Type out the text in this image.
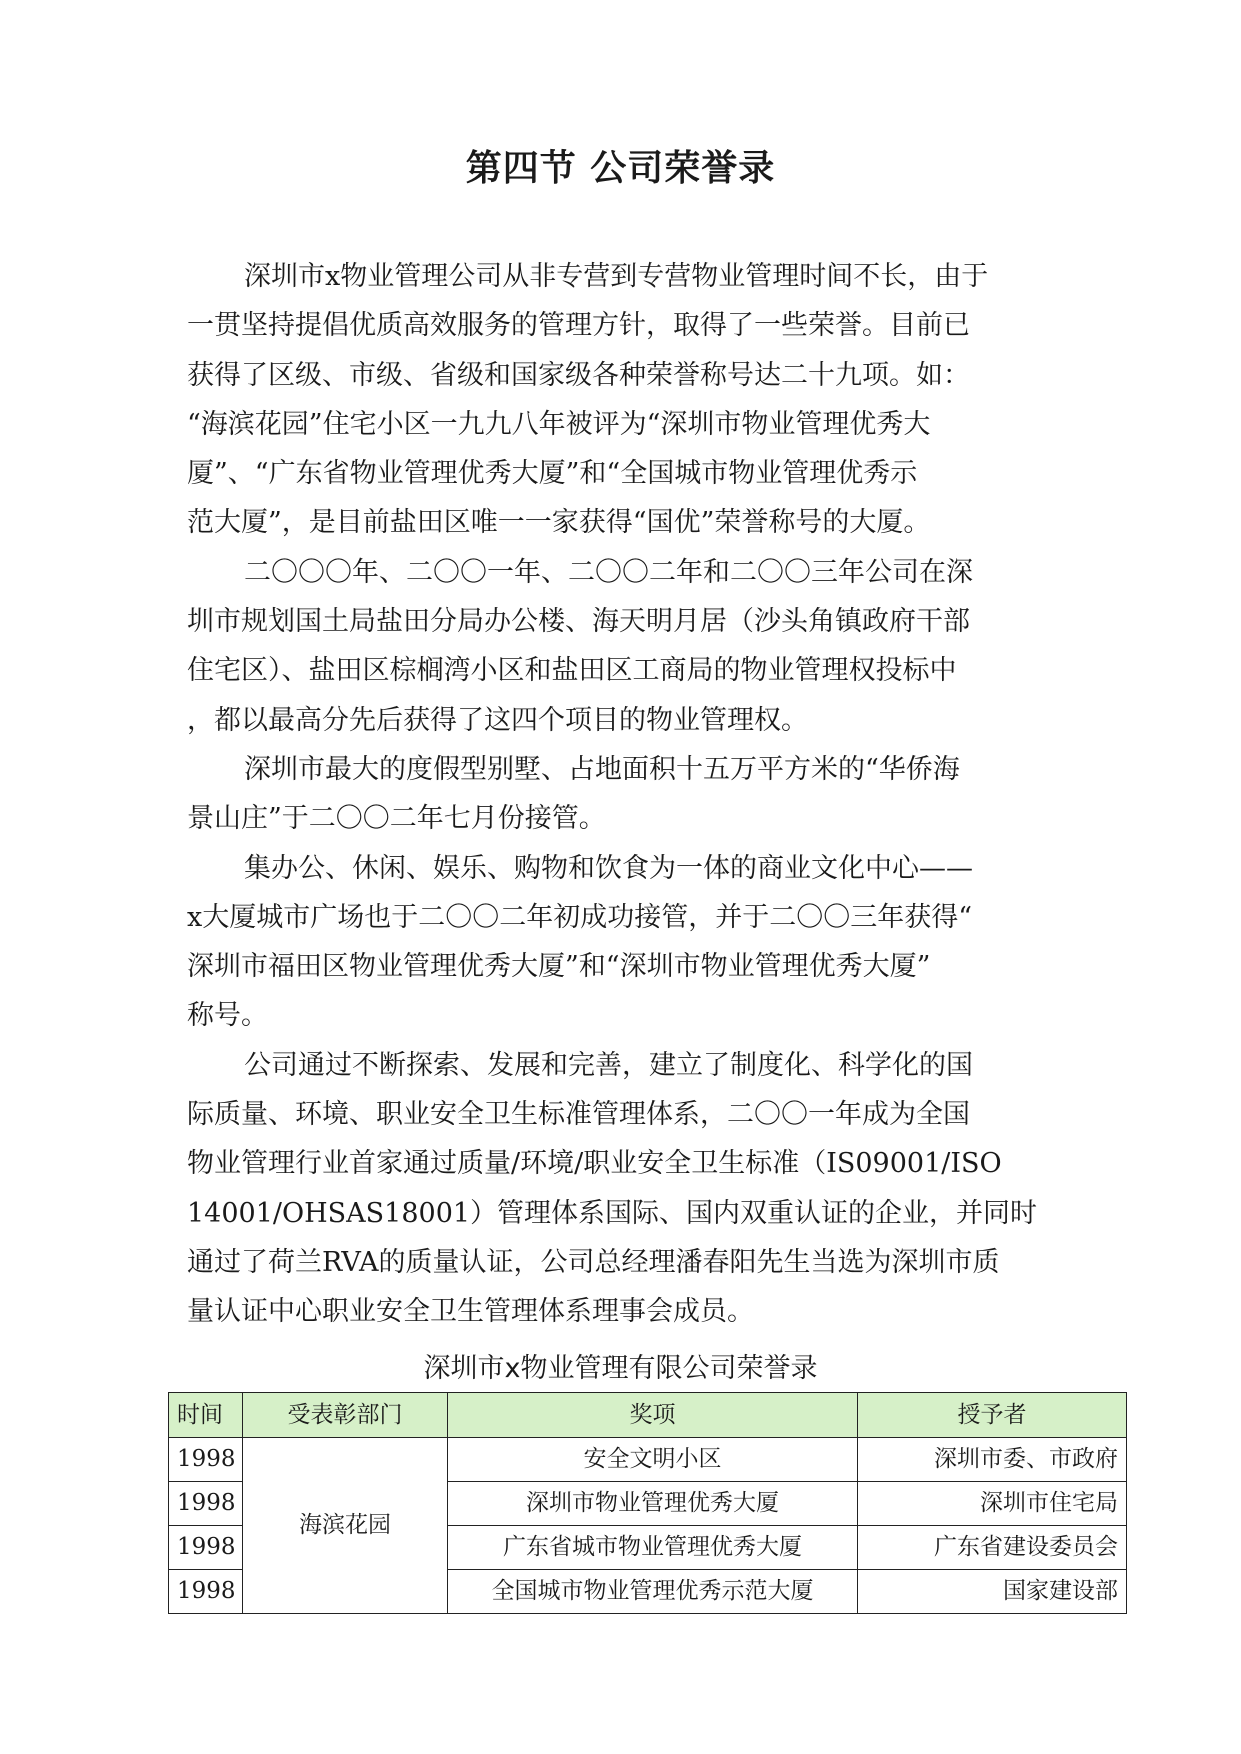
第四节 公司荣誉录

深圳市x物业管理公司从非专营到专营物业管理时间不长，由于

一贯坚持提倡优质高效服务的管理方针，取得了一些荣誉。目前已

获得了区级、市级、省级和国家级各种荣誉称号达二十九项。如：

“海滨花园”住宅小区一九九八年被评为“深圳市物业管理优秀大

厦”、“广东省物业管理优秀大厦”和“全国城市物业管理优秀示

范大厦”，是目前盐田区唯一一家获得“国优”荣誉称号的大厦。

二〇〇〇年、二〇〇一年、二〇〇二年和二〇〇三年公司在深

圳市规划国土局盐田分局办公楼、海天明月居（沙头角镇政府干部

住宅区）、盐田区棕榈湾小区和盐田区工商局的物业管理权投标中

，都以最高分先后获得了这四个项目的物业管理权。

深圳市最大的度假型别墅、占地面积十五万平方米的“华侨海

景山庄”于二〇〇二年七月份接管。

集办公、休闲、娱乐、购物和饮食为一体的商业文化中心——

x大厦城市广场也于二〇〇二年初成功接管，并于二〇〇三年获得“

深圳市福田区物业管理优秀大厦”和“深圳市物业管理优秀大厦”

称号。

公司通过不断探索、发展和完善，建立了制度化、科学化的国

际质量、环境、职业安全卫生标准管理体系，二〇〇一年成为全国

物业管理行业首家通过质量/环境/职业安全卫生标准（IS09001/ISO

14001/OHSAS18001）管理体系国际、国内双重认证的企业，并同时

通过了荷兰RVA的质量认证，公司总经理潘春阳先生当选为深圳市质

量认证中心职业安全卫生管理体系理事会成员。

深圳市x物业管理有限公司荣誉录
时间	受表彰部门	奖项	授予者
1998	海滨花园	安全文明小区	深圳市委、市政府
1998		深圳市物业管理优秀大厦	深圳市住宅局
1998		广东省城市物业管理优秀大厦	广东省建设委员会
1998		全国城市物业管理优秀示范大厦	国家建设部
